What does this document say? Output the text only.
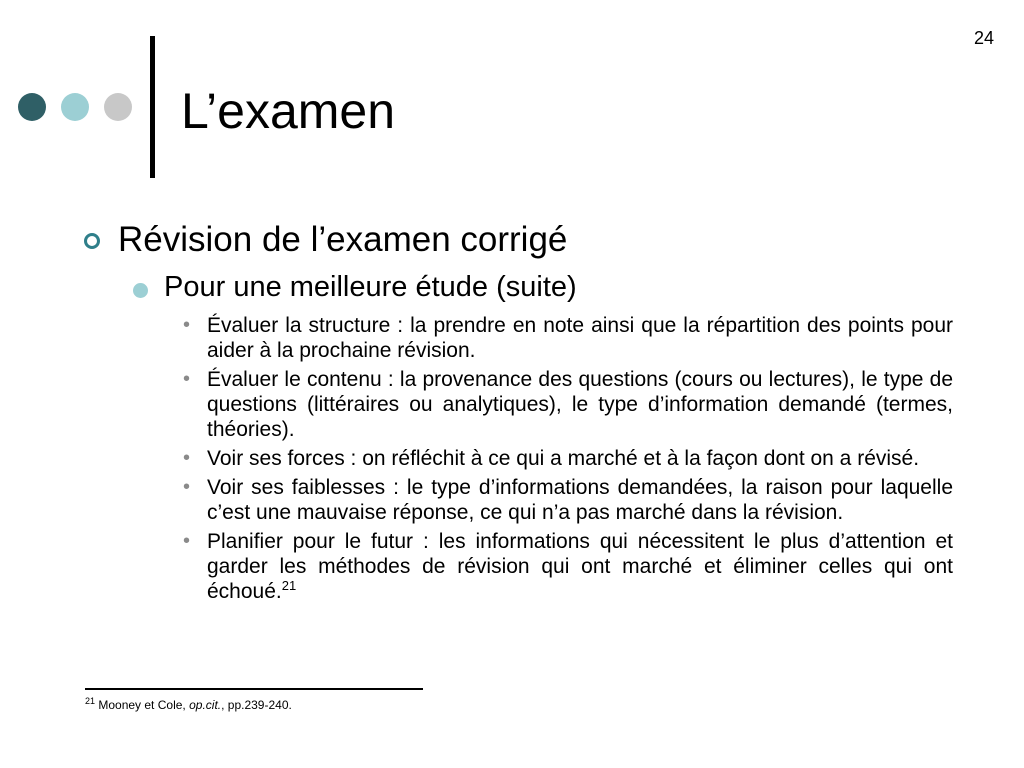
24
L’examen
Révision de l’examen corrigé
Pour une meilleure étude (suite)
• Évaluer la structure : la prendre en note ainsi que la répartition des points pour aider à la prochaine révision.
• Évaluer le contenu : la provenance des questions (cours ou lectures), le type de questions (littéraires ou analytiques), le type d’information demandé (termes, théories).
• Voir ses forces : on réfléchit à ce qui a marché et à la façon dont on a révisé.
• Voir ses faiblesses : le type d’informations demandées, la raison pour laquelle c’est une mauvaise réponse, ce qui n’a pas marché dans la révision.
• Planifier pour le futur : les informations qui nécessitent le plus d’attention et garder les méthodes de révision qui ont marché et éliminer celles qui ont échoué.$^{21}$
$^{21}$ Mooney et Cole, op.cit., pp.239-240.
